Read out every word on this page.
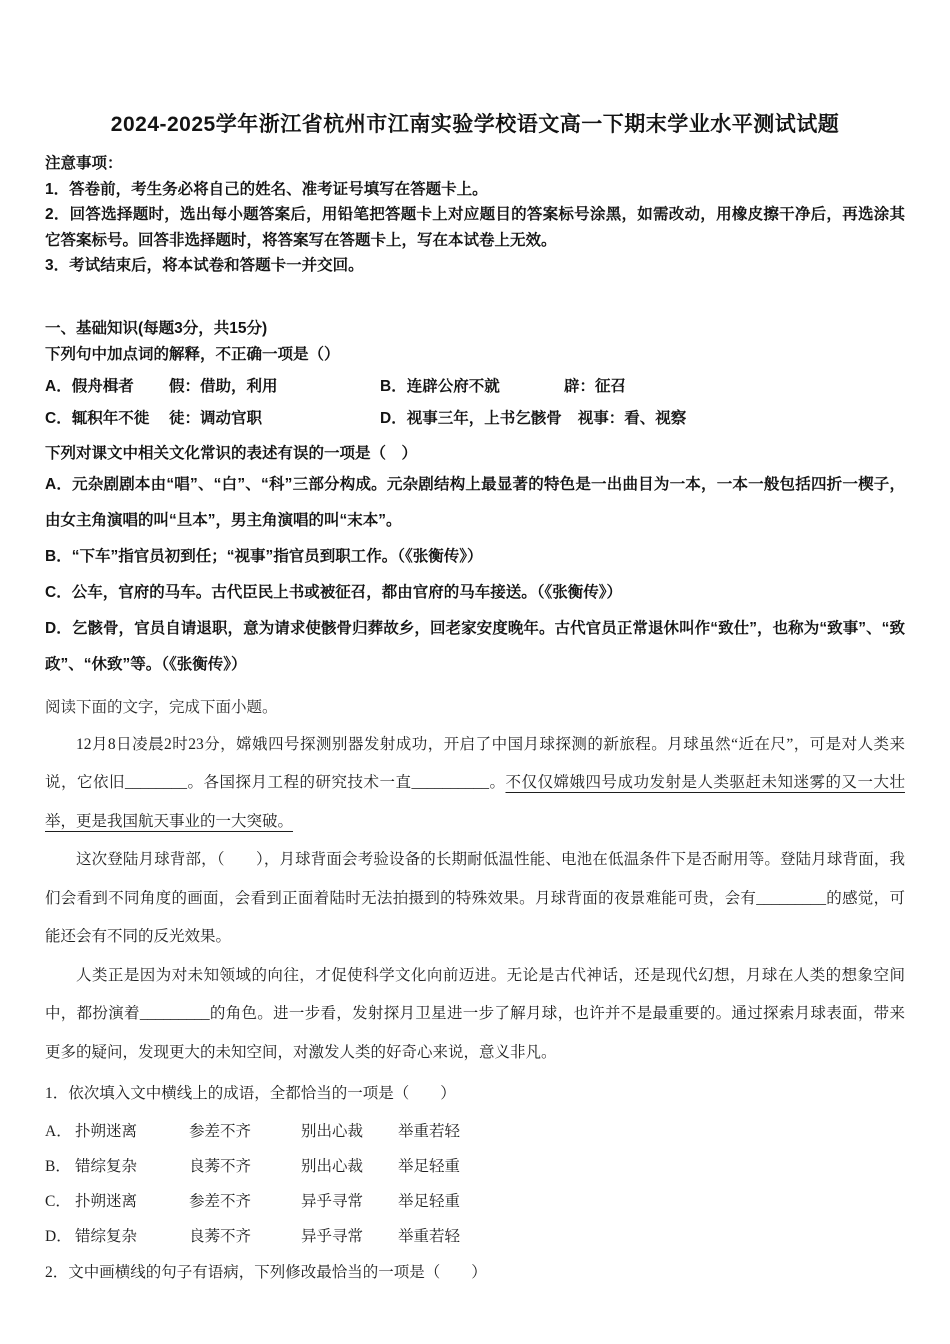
2024-2025学年浙江省杭州市江南实验学校语文高一下期末学业水平测试试题
注意事项：
1．答卷前，考生务必将自己的姓名、准考证号填写在答题卡上。
2．回答选择题时，选出每小题答案后，用铅笔把答题卡上对应题目的答案标号涂黑，如需改动，用橡皮擦干净后，再选涂其它答案标号。回答非选择题时，将答案写在答题卡上，写在本试卷上无效。
3．考试结束后，将本试卷和答题卡一并交回。
一、基础知识(每题3分，共15分)
下列句中加点词的解释，不正确一项是（）
A．假舟楫者 假：借助，利用	B．连辟公府不就	辟：征召
C．辄积年不徙 徒：调动官职	D．视事三年，上书乞骸骨 视事：看、视察
下列对课文中相关文化常识的表述有误的一项是（　）
A．元杂剧剧本由“唱”、“白”、“科”三部分构成。元杂剧结构上最显著的特色是一出曲目为一本，一本一般包括四折一楔子，由女主角演唱的叫“旦本”，男主角演唱的叫“末本”。
B．“下车”指官员初到任；“视事”指官员到职工作。（《张衡传》）
C．公车，官府的马车。古代臣民上书或被征召，都由官府的马车接送。（《张衡传》）
D．乞骸骨，官员自请退职，意为请求使骸骨归葬故乡，回老家安度晚年。古代官员正常退休叫作“致仕”，也称为“致事”、“致政”、“休致”等。（《张衡传》）
阅读下面的文字，完成下面小题。

12月8日凌晨2时23分，嫦娥四号探测别器发射成功，开启了中国月球探测的新旅程。月球虽然“近在尺”，可是对人类来说，它依旧________。各国探月工程的研究技术一直__________。不仅仅嫦娥四号成功发射是人类驱赶未知迷雾的又一大壮举，更是我国航天事业的一大突破。

这次登陆月球背部，（　　），月球背面会考验设备的长期耐低温性能、电池在低温条件下是否耐用等。登陆月球背面，我们会看到不同角度的画面，会看到正面着陆时无法拍摄到的特殊效果。月球背面的夜景难能可贵，会有_________的感觉，可能还会有不同的反光效果。

人类正是因为对未知领域的向往，才促使科学文化向前迈进。无论是古代神话，还是现代幻想，月球在人类的想象空间中，都扮演着_________的角色。进一步看，发射探月卫星进一步了解月球，也许并不是最重要的。通过探索月球表面，带来更多的疑问，发现更大的未知空间，对激发人类的好奇心来说，意义非凡。

1．依次填入文中横线上的成语，全都恰当的一项是（　　）
A． 扑朔迷离	参差不齐	别出心裁	举重若轻
B． 错综复杂	良莠不齐	别出心裁	举足轻重
C． 扑朔迷离	参差不齐	异乎寻常	举足轻重
D． 错综复杂	良莠不齐	异乎寻常	举重若轻
2．文中画横线的句子有语病，下列修改最恰当的一项是（　　）
